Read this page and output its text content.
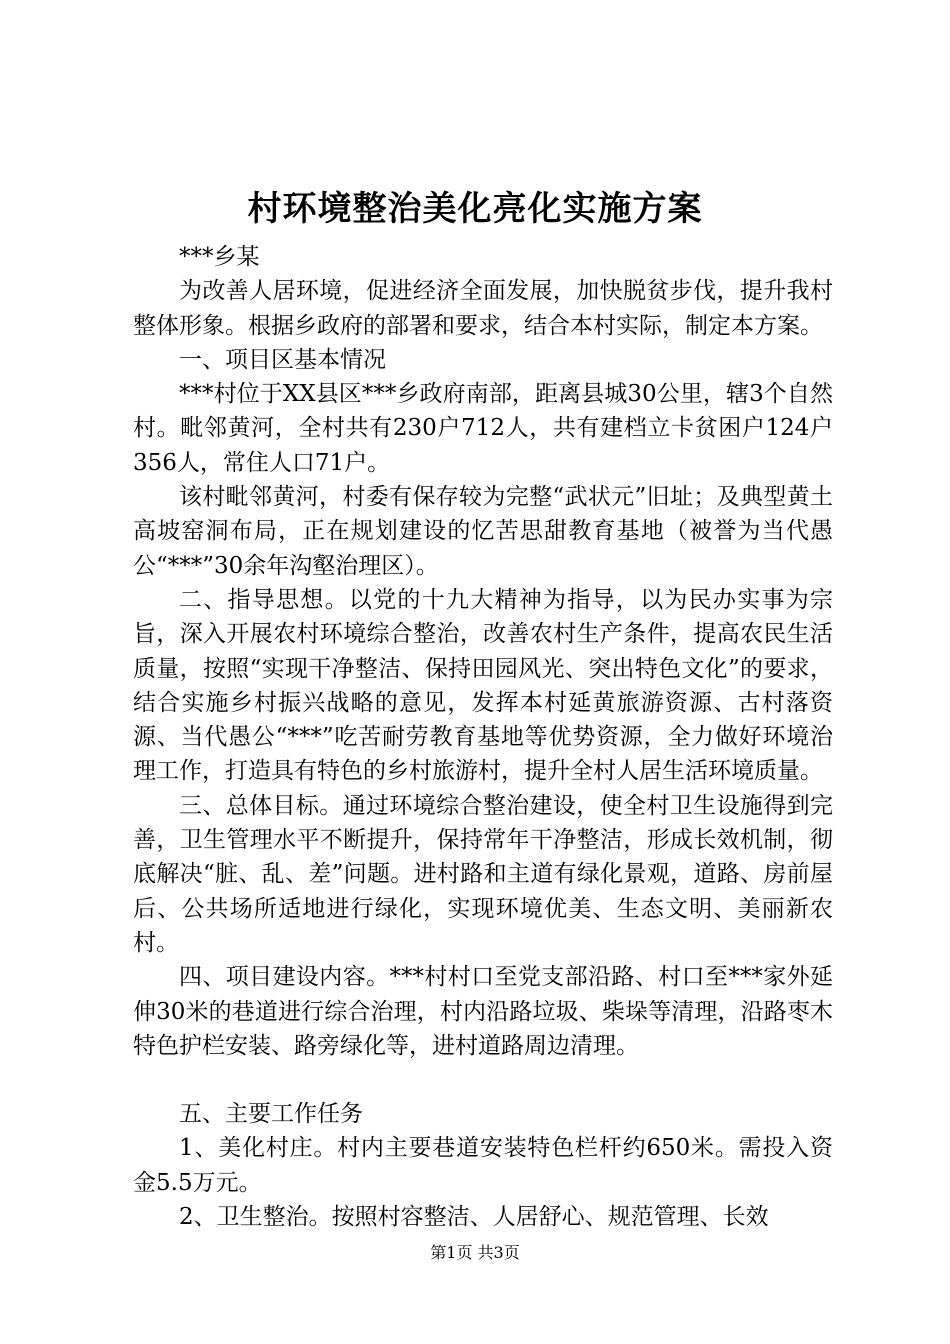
村环境整治美化亮化实施方案

***乡某

为改善人居环境，促进经济全面发展，加快脱贫步伐，提升我村整体形象。根据乡政府的部署和要求，结合本村实际，制定本方案。

一、项目区基本情况

***村位于XX县区***乡政府南部，距离县城30公里，辖3个自然村。毗邻黄河，全村共有230户712人，共有建档立卡贫困户124户356人，常住人口71户。

该村毗邻黄河，村委有保存较为完整“武状元”旧址；及典型黄土高坡窑洞布局，正在规划建设的忆苦思甜教育基地（被誉为当代愚公“***”30余年沟壑治理区）。

二、指导思想。以党的十九大精神为指导，以为民办实事为宗旨，深入开展农村环境综合整治，改善农村生产条件，提高农民生活质量，按照“实现干净整洁、保持田园风光、突出特色文化”的要求，结合实施乡村振兴战略的意见，发挥本村延黄旅游资源、古村落资源、当代愚公“***”吃苦耐劳教育基地等优势资源，全力做好环境治理工作，打造具有特色的乡村旅游村，提升全村人居生活环境质量。

三、总体目标。通过环境综合整治建设，使全村卫生设施得到完善，卫生管理水平不断提升，保持常年干净整洁，形成长效机制，彻底解决“脏、乱、差”问题。进村路和主道有绿化景观，道路、房前屋后、公共场所适地进行绿化，实现环境优美、生态文明、美丽新农村。

四、项目建设内容。***村村口至党支部沿路、村口至***家外延伸30米的巷道进行综合治理，村内沿路垃圾、柴垛等清理，沿路枣木特色护栏安装、路旁绿化等，进村道路周边清理。

五、主要工作任务

1、美化村庄。村内主要巷道安装特色栏杆约650米。需投入资金5.5万元。

2、卫生整治。按照村容整洁、人居舒心、规范管理、长效

第1页 共3页
